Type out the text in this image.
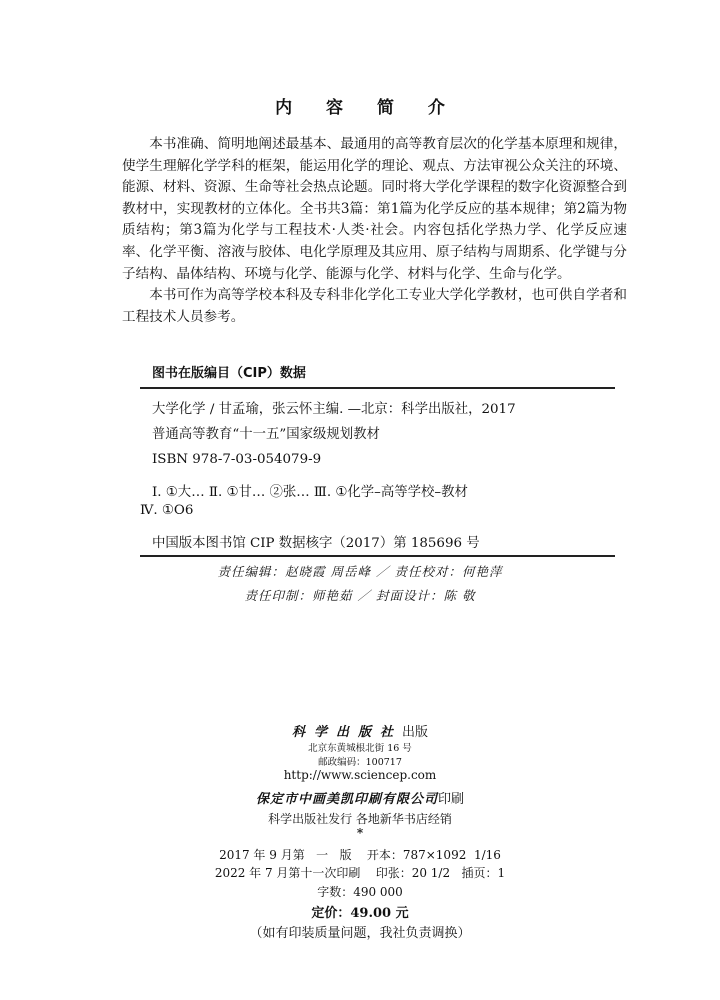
内 容 简 介

本书准确、简明地阐述最基本、最通用的高等教育层次的化学基本原理和规律，使学生理解化学学科的框架，能运用化学的理论、观点、方法审视公众关注的环境、能源、材料、资源、生命等社会热点论题。同时将大学化学课程的数字化资源整合到教材中，实现教材的立体化。全书共3篇：第1篇为化学反应的基本规律；第2篇为物质结构；第3篇为化学与工程技术·人类·社会。内容包括化学热力学、化学反应速率、化学平衡、溶液与胶体、电化学原理及其应用、原子结构与周期系、化学键与分子结构、晶体结构、环境与化学、能源与化学、材料与化学、生命与化学。

本书可作为高等学校本科及专科非化学化工专业大学化学教材，也可供自学者和工程技术人员参考。

图书在版编目（CIP）数据
大学化学 / 甘孟瑜，张云怀主编. —北京：科学出版社，2017
普通高等教育“十一五”国家级规划教材
ISBN 978-7-03-054079-9
Ⅰ. ①大… Ⅱ. ①甘… ②张… Ⅲ. ①化学–高等学校–教材
Ⅳ. ①O6
中国版本图书馆 CIP 数据核字（2017）第 185696 号
责任编辑：赵晓霞 周岳峰 ／ 责任校对：何艳萍
责任印制：师艳茹 ／ 封面设计：陈 敬
科学出版社出版
北京东黄城根北街 16 号
邮政编码：100717
http://www.sciencep.com
保定市中画美凯印刷有限公司印刷
科学出版社发行 各地新华书店经销
*
2017 年 9 月第   一   版    开本：787×1092  1/16
2022 年 7 月第十一次印刷    印张：20 1/2   插页：1
字数：490 000
定价：49.00 元
（如有印装质量问题，我社负责调换）
